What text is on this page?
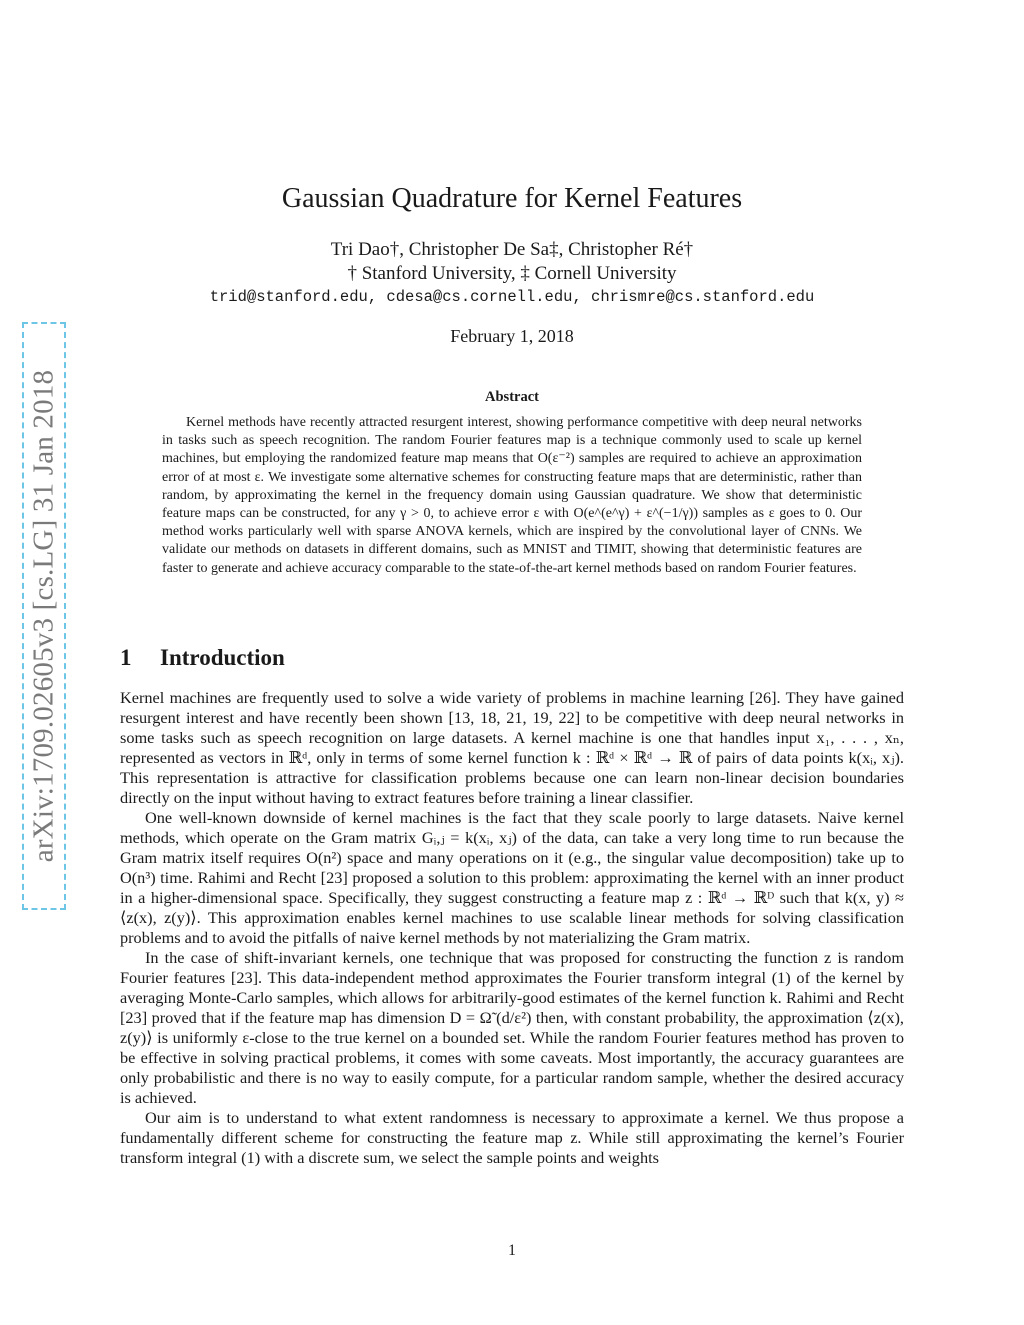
arXiv:1709.02605v3 [cs.LG] 31 Jan 2018
Gaussian Quadrature for Kernel Features
Tri Dao†, Christopher De Sa‡, Christopher Ré†
† Stanford University, ‡ Cornell University
trid@stanford.edu, cdesa@cs.cornell.edu, chrismre@cs.stanford.edu
February 1, 2018
Abstract

Kernel methods have recently attracted resurgent interest, showing performance competitive with deep neural networks in tasks such as speech recognition. The random Fourier features map is a technique commonly used to scale up kernel machines, but employing the randomized feature map means that O(ε⁻²) samples are required to achieve an approximation error of at most ε. We investigate some alternative schemes for constructing feature maps that are deterministic, rather than random, by approximating the kernel in the frequency domain using Gaussian quadrature. We show that deterministic feature maps can be constructed, for any γ > 0, to achieve error ε with O(e^(e^γ) + ε^(−1/γ)) samples as ε goes to 0. Our method works particularly well with sparse ANOVA kernels, which are inspired by the convolutional layer of CNNs. We validate our methods on datasets in different domains, such as MNIST and TIMIT, showing that deterministic features are faster to generate and achieve accuracy comparable to the state-of-the-art kernel methods based on random Fourier features.

1 Introduction

Kernel machines are frequently used to solve a wide variety of problems in machine learning [26]. They have gained resurgent interest and have recently been shown [13, 18, 21, 19, 22] to be competitive with deep neural networks in some tasks such as speech recognition on large datasets. A kernel machine is one that handles input x₁, . . . , xₙ, represented as vectors in ℝᵈ, only in terms of some kernel function k : ℝᵈ × ℝᵈ → ℝ of pairs of data points k(xᵢ, xⱼ). This representation is attractive for classification problems because one can learn non-linear decision boundaries directly on the input without having to extract features before training a linear classifier.

One well-known downside of kernel machines is the fact that they scale poorly to large datasets. Naive kernel methods, which operate on the Gram matrix Gᵢ,ⱼ = k(xᵢ, xⱼ) of the data, can take a very long time to run because the Gram matrix itself requires O(n²) space and many operations on it (e.g., the singular value decomposition) take up to O(n³) time. Rahimi and Recht [23] proposed a solution to this problem: approximating the kernel with an inner product in a higher-dimensional space. Specifically, they suggest constructing a feature map z : ℝᵈ → ℝᴰ such that k(x, y) ≈ ⟨z(x), z(y)⟩. This approximation enables kernel machines to use scalable linear methods for solving classification problems and to avoid the pitfalls of naive kernel methods by not materializing the Gram matrix.

In the case of shift-invariant kernels, one technique that was proposed for constructing the function z is random Fourier features [23]. This data-independent method approximates the Fourier transform integral (1) of the kernel by averaging Monte-Carlo samples, which allows for arbitrarily-good estimates of the kernel function k. Rahimi and Recht [23] proved that if the feature map has dimension D = Ω̃ (d/ε²) then, with constant probability, the approximation ⟨z(x), z(y)⟩ is uniformly ε-close to the true kernel on a bounded set. While the random Fourier features method has proven to be effective in solving practical problems, it comes with some caveats. Most importantly, the accuracy guarantees are only probabilistic and there is no way to easily compute, for a particular random sample, whether the desired accuracy is achieved.

Our aim is to understand to what extent randomness is necessary to approximate a kernel. We thus propose a fundamentally different scheme for constructing the feature map z. While still approximating the kernel’s Fourier transform integral (1) with a discrete sum, we select the sample points and weights

1
